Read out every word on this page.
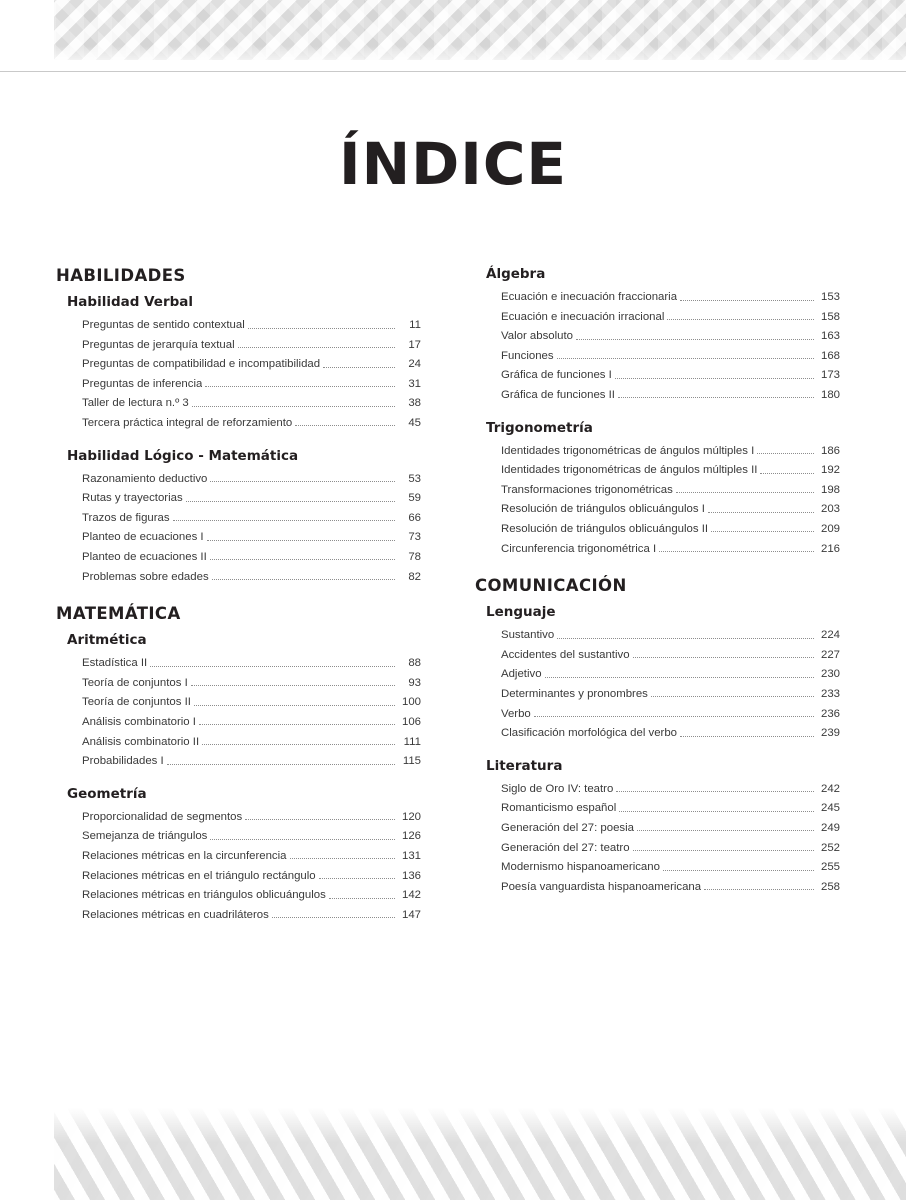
ÍNDICE
HABILIDADES
Habilidad Verbal
Preguntas de sentido contextual	11
Preguntas de jerarquía textual	17
Preguntas de compatibilidad e incompatibilidad	24
Preguntas de inferencia	31
Taller de lectura n.º 3	38
Tercera práctica integral de reforzamiento	45
Habilidad Lógico - Matemática
Razonamiento deductivo	53
Rutas y trayectorias	59
Trazos de figuras	66
Planteo de ecuaciones I	73
Planteo de ecuaciones II	78
Problemas sobre edades	82
MATEMÁTICA
Aritmética
Estadística II	88
Teoría de conjuntos I	93
Teoría de conjuntos II	100
Análisis combinatorio I	106
Análisis combinatorio II	111
Probabilidades I	115
Geometría
Proporcionalidad de segmentos	120
Semejanza de triángulos	126
Relaciones métricas en la circunferencia	131
Relaciones métricas en el triángulo rectángulo	136
Relaciones métricas en triángulos oblicuángulos	142
Relaciones métricas en cuadriláteros	147
Álgebra
Ecuación e inecuación fraccionaria	153
Ecuación e inecuación irracional	158
Valor absoluto	163
Funciones	168
Gráfica de funciones I	173
Gráfica de funciones II	180
Trigonometría
Identidades trigonométricas de ángulos múltiples I	186
Identidades trigonométricas de ángulos múltiples II	192
Transformaciones trigonométricas	198
Resolución de triángulos oblicuángulos I	203
Resolución de triángulos oblicuángulos II	209
Circunferencia trigonométrica I	216
COMUNICACIÓN
Lenguaje
Sustantivo	224
Accidentes del sustantivo	227
Adjetivo	230
Determinantes y pronombres	233
Verbo	236
Clasificación morfológica del verbo	239
Literatura
Siglo de Oro IV: teatro	242
Romanticismo español	245
Generación del 27: poesia	249
Generación del 27: teatro	252
Modernismo hispanoamericano	255
Poesía vanguardista hispanoamericana	258
